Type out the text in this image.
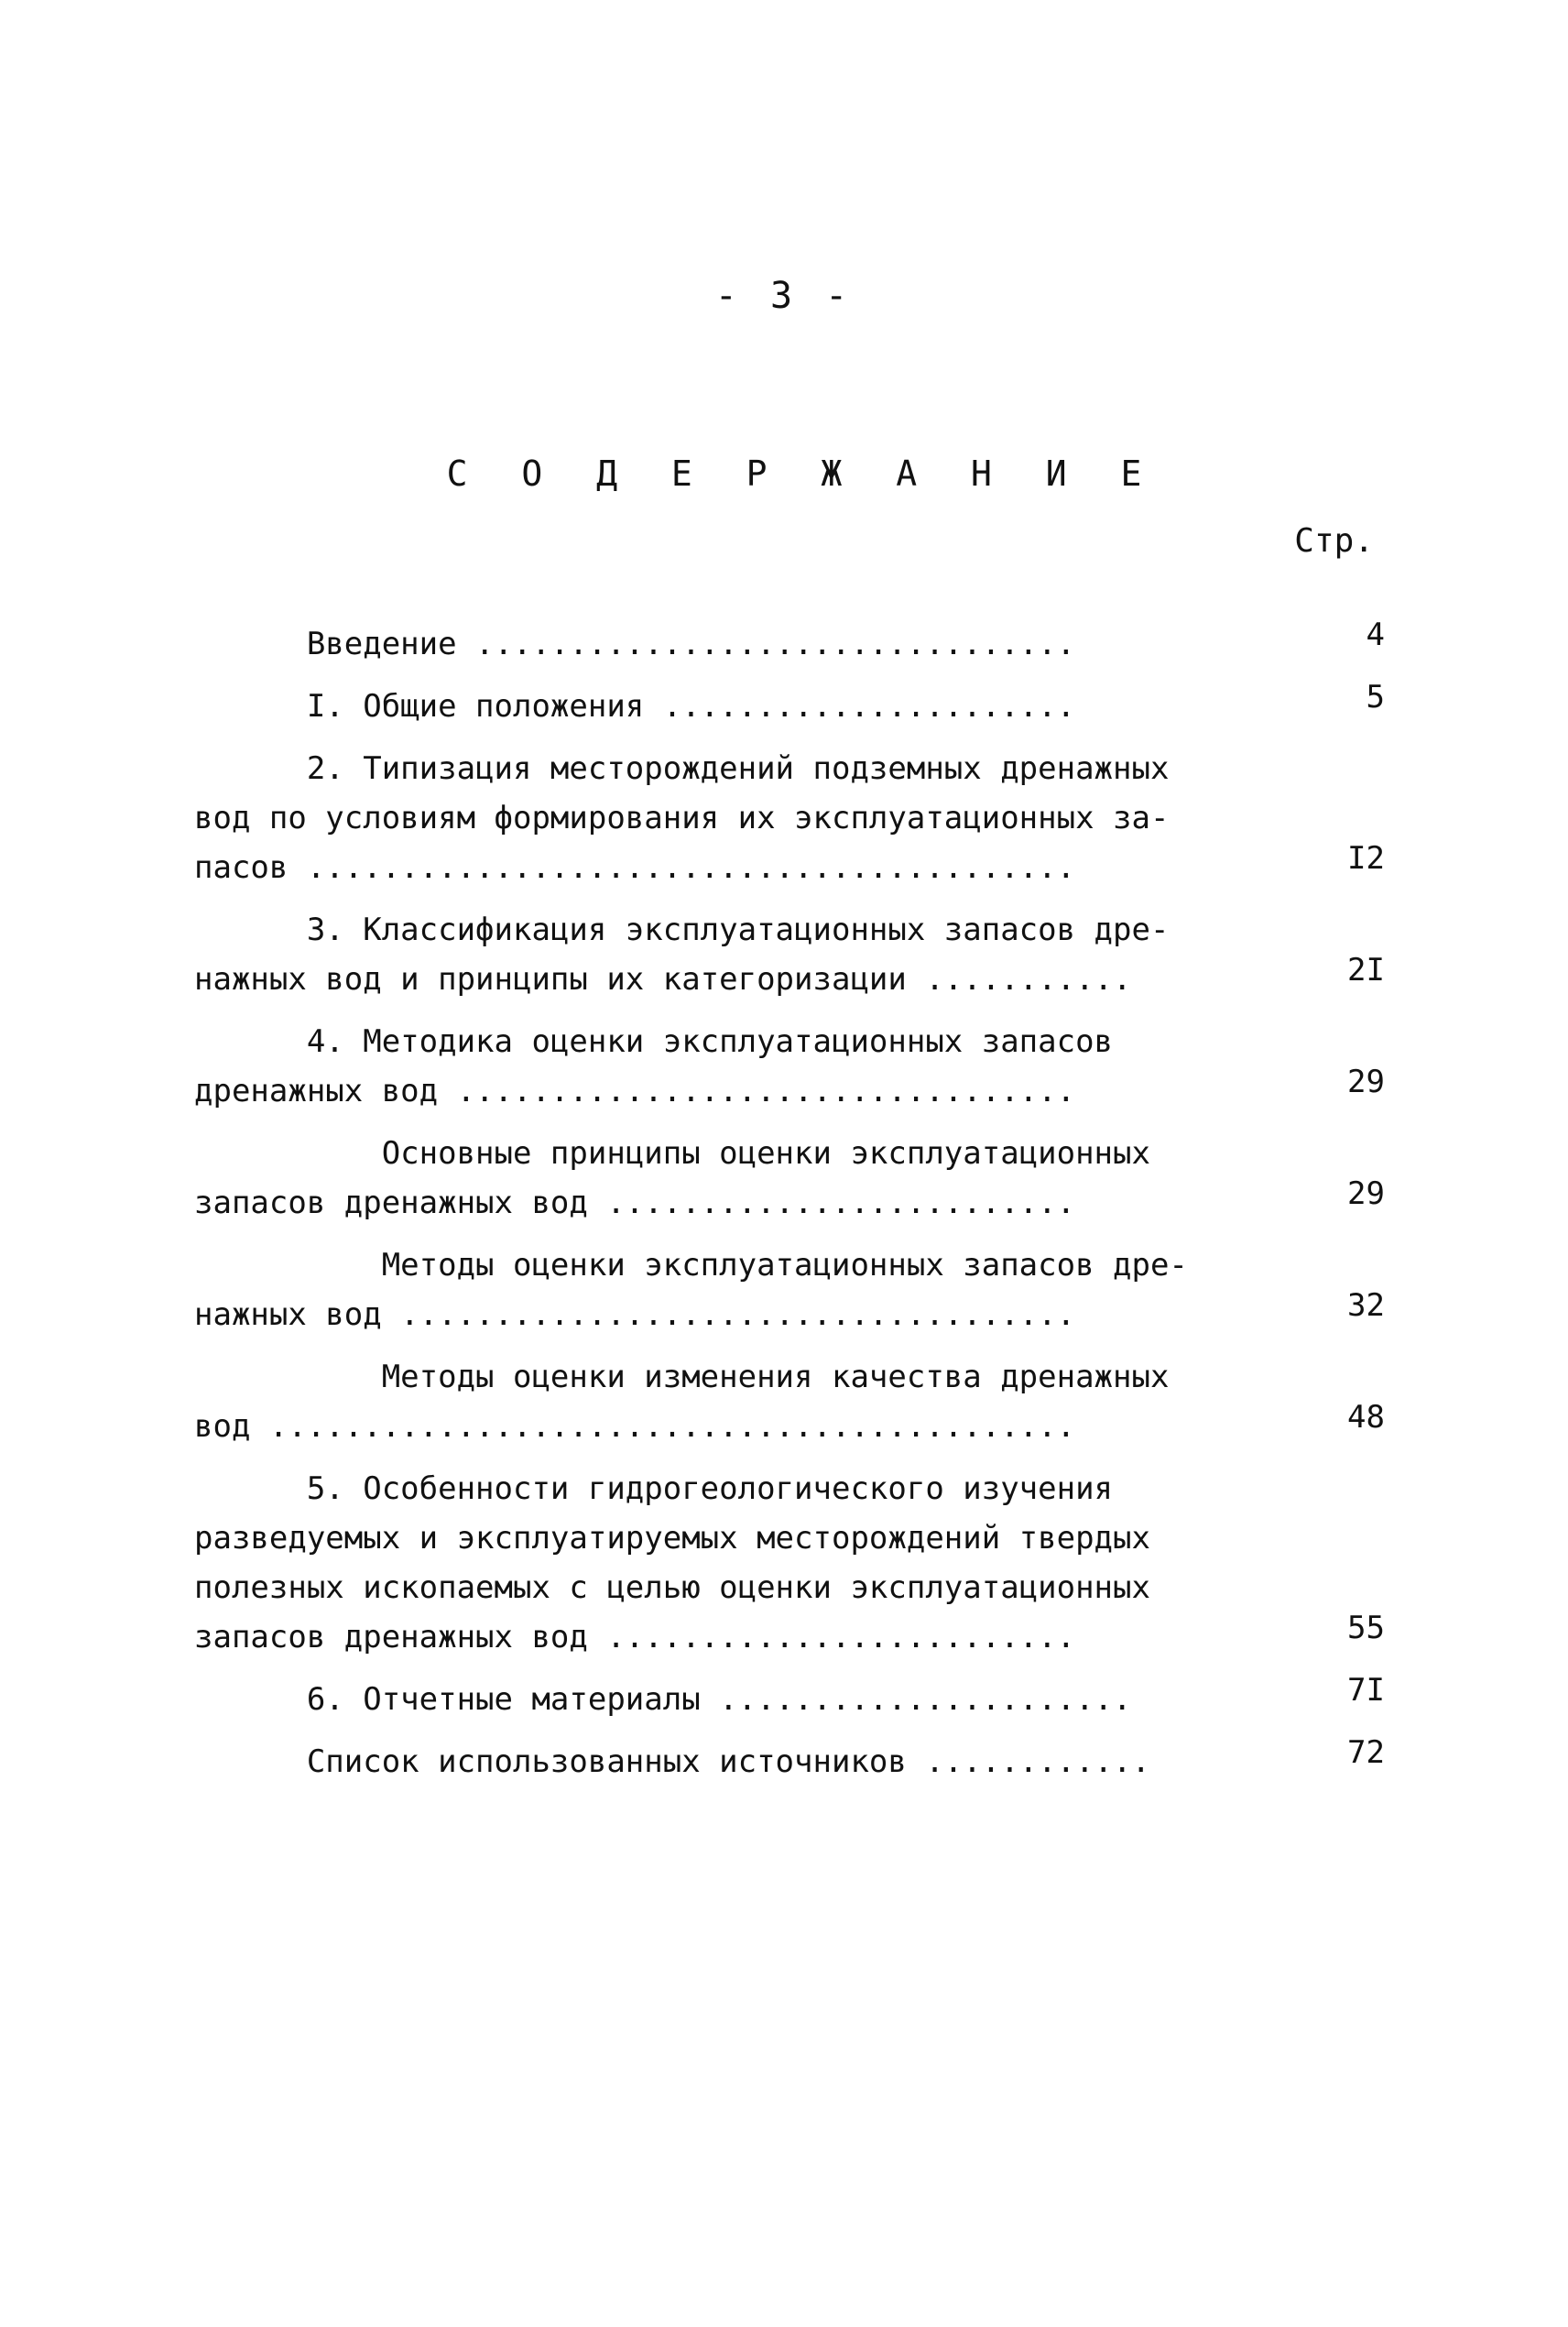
- 3 -
С О Д Е Р Ж А Н И Е
Стр.
Введение ................................	4
I. Общие положения ......................	5
2. Типизация месторождений подземных дренажных
вод по условиям формирования их эксплуатационных за-
пасов .........................................	I2
3. Классификация эксплуатационных запасов дре-
нажных вод и принципы их категоризации ...........	2I
4. Методика оценки эксплуатационных запасов
дренажных вод .................................	29
Основные принципы оценки эксплуатационных
запасов дренажных вод .........................	29
Методы оценки эксплуатационных запасов дре-
нажных вод ....................................	32
Методы оценки изменения качества дренажных
вод ...........................................	48
5. Особенности гидрогеологического изучения
разведуемых и эксплуатируемых месторождений твердых
полезных ископаемых с целью оценки эксплуатационных
запасов дренажных вод .........................	55
6. Отчетные материалы ......................	7I
Список использованных источников ............	72
